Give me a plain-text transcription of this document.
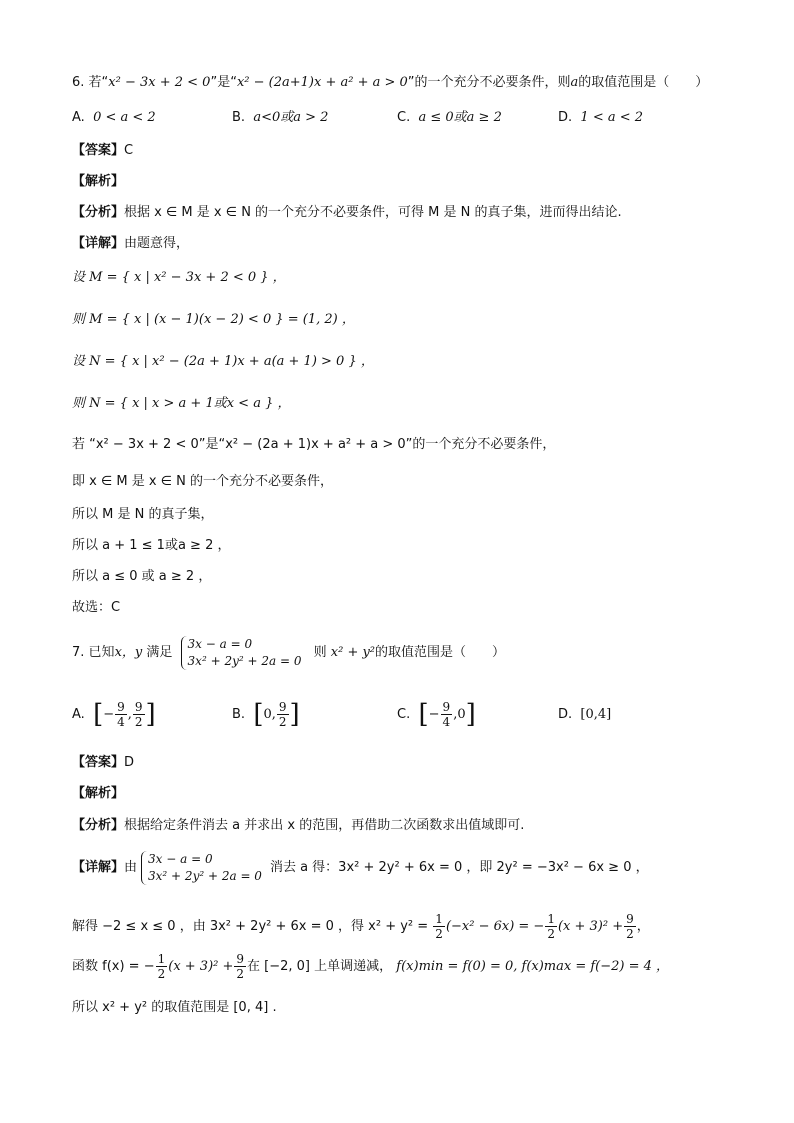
6. 若“x² − 3x + 2 < 0”是“x² − (2a+1)x + a² + a > 0”的一个充分不必要条件，则a的取值范围是（　　）
A. 0 < a < 2	B. a<0或a > 2	C. a ≤ 0或a ≥ 2	D. 1 < a < 2
【答案】C
【解析】
【分析】根据 x ∈ M 是 x ∈ N 的一个充分不必要条件，可得 M 是 N 的真子集，进而得出结论.
【详解】由题意得，
设 M = { x | x² − 3x + 2 < 0 } ，
则 M = { x | (x − 1)(x − 2) < 0 } = (1, 2) ，
设 N = { x | x² − (2a + 1)x + a(a + 1) > 0 } ，
则 N = { x | x > a + 1或x < a } ，
若 “x² − 3x + 2 < 0”是“x² − (2a + 1)x + a² + a > 0”的一个充分不必要条件，
即 x ∈ M 是 x ∈ N 的一个充分不必要条件，
所以 M 是 N 的真子集，
所以 a + 1 ≤ 1或a ≥ 2 ，
所以 a ≤ 0 或 a ≥ 2 ，
故选：C
7. 已知x，y 满足 3x − a = 0
3x² + 2y² + 2a = 0 则 x² + y²的取值范围是（　　）
A. [− $\frac{9}{4}$ , $\frac{9}{2}$ ]	B. [0, $\frac{9}{2}$ ]	C. [− $\frac{9}{4} ,0$]	D. [0,4]
【答案】D
【解析】
【分析】根据给定条件消去 a 并求出 x 的范围，再借助二次函数求出值域即可.
【详解】由3x − a = 0
3x² + 2y² + 2a = 0消去 a 得：3x² + 2y² + 6x = 0 ，即 2y² = −3x² − 6x ≥ 0 ，
解得 −2 ≤ x ≤ 0 ，由 3x² + 2y² + 6x = 0 ，得 $x^2 + y^2 = \frac{1}{2} (-x^2 - 6x)$ = − $\frac{1}{2} (x + 3)^2 + \frac{9}{2}$ ，
函数 f(x) = − $\frac{1}{2} (x + 3)^2 + \frac{9}{2}$ 在 [−2, 0] 上单调递减， f(x)min = f(0) = 0, f(x)max = f(−2) = 4 ，
所以 x² + y² 的取值范围是 [0, 4] .
